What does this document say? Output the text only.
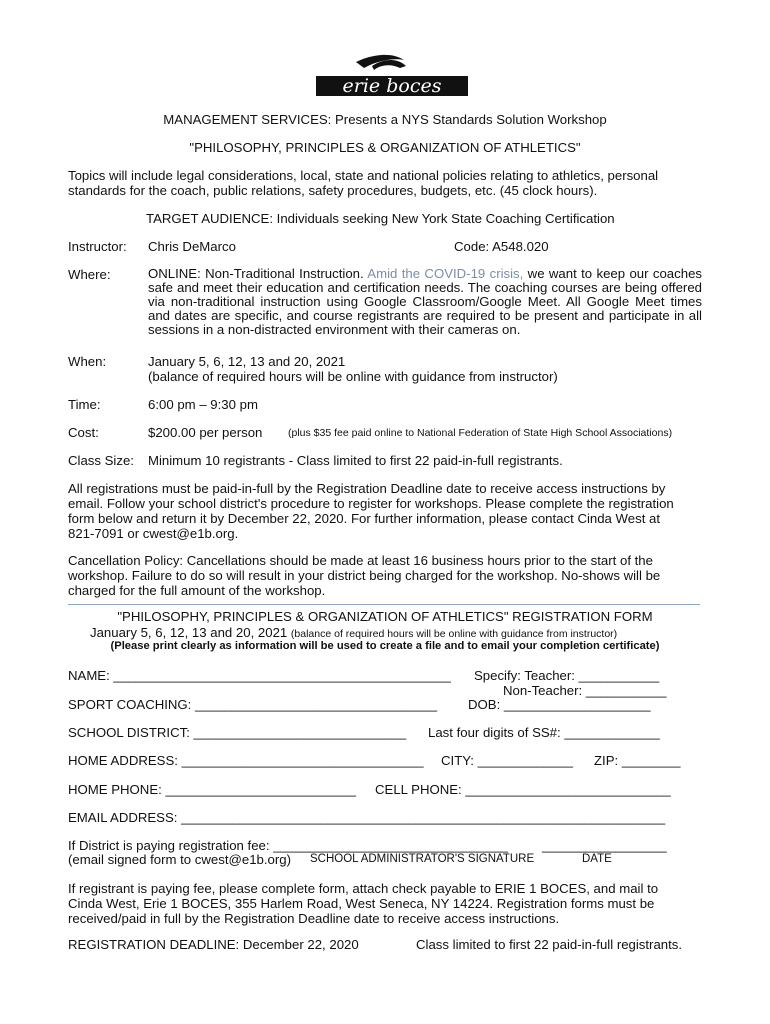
erie boces
MANAGEMENT SERVICES: Presents a NYS Standards Solution Workshop
"PHILOSOPHY, PRINCIPLES & ORGANIZATION OF ATHLETICS"
Topics will include legal considerations, local, state and national policies relating to athletics, personal
standards for the coach, public relations, safety procedures, budgets, etc. (45 clock hours).
TARGET AUDIENCE: Individuals seeking New York State Coaching Certification
Instructor: Chris DeMarco	Code: A548.020
Where:	ONLINE: Non-Traditional Instruction. Amid the COVID-19 crisis, we want to keep our coaches safe and meet their education and certification needs. The coaching courses are being offered via non-traditional instruction using Google Classroom/Google Meet. All Google Meet times and dates are specific, and course registrants are required to be present and participate in all sessions in a non-distracted environment with their cameras on.
When:	January 5, 6, 12, 13 and 20, 2021
(balance of required hours will be online with guidance from instructor)
Time:	6:00 pm – 9:30 pm
Cost:	$200.00 per person (plus $35 fee paid online to National Federation of State High School Associations)
Class Size: Minimum 10 registrants - Class limited to first 22 paid-in-full registrants.
All registrations must be paid-in-full by the Registration Deadline date to receive access instructions by
email. Follow your school district's procedure to register for workshops. Please complete the registration
form below and return it by December 22, 2020. For further information, please contact Cinda West at
821-7091 or cwest@e1b.org.
Cancellation Policy: Cancellations should be made at least 16 business hours prior to the start of the
workshop. Failure to do so will result in your district being charged for the workshop. No-shows will be
charged for the full amount of the workshop.
"PHILOSOPHY, PRINCIPLES & ORGANIZATION OF ATHLETICS" REGISTRATION FORM
January 5, 6, 12, 13 and 20, 2021 (balance of required hours will be online with guidance from instructor)
(Please print clearly as information will be used to create a file and to email your completion certificate)
NAME: ______________________________________________ Specify: Teacher: ___________
Non-Teacher: ___________
SPORT COACHING: _________________________________ DOB: ____________________
SCHOOL DISTRICT: _____________________________ Last four digits of SS#: _____________
HOME ADDRESS: _________________________________ CITY: _____________ ZIP: ________
HOME PHONE: __________________________ CELL PHONE: ____________________________
EMAIL ADDRESS: __________________________________________________________________
If District is paying registration fee: ________________________________	_________________
(email signed form to cwest@e1b.org) SCHOOL ADMINISTRATOR'S SIGNATURE	DATE
If registrant is paying fee, please complete form, attach check payable to ERIE 1 BOCES, and mail to
Cinda West, Erie 1 BOCES, 355 Harlem Road, West Seneca, NY 14224. Registration forms must be
received/paid in full by the Registration Deadline date to receive access instructions.
REGISTRATION DEADLINE: December 22, 2020	Class limited to first 22 paid-in-full registrants.
